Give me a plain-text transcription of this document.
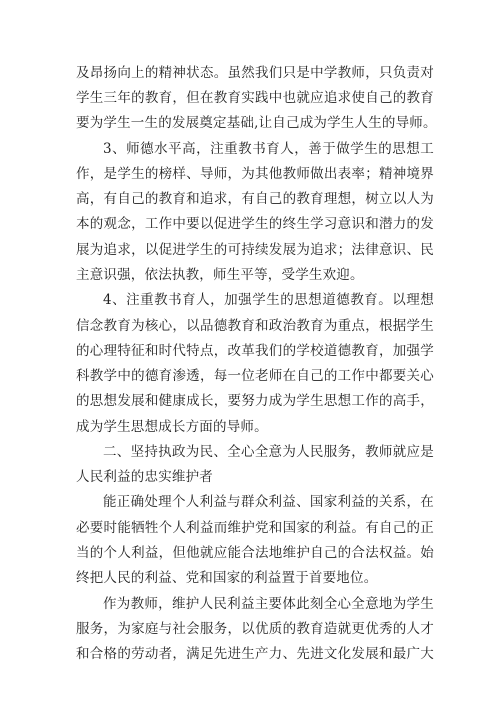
及昂扬向上的精神状态。虽然我们只是中学教师，只负责对
学生三年的教育，但在教育实践中也就应追求使自己的教育
要为学生一生的发展奠定基础,让自己成为学生人生的导师。
3、师德水平高，注重教书育人，善于做学生的思想工
作，是学生的榜样、导师，为其他教师做出表率；精神境界
高，有自己的教育和追求，有自己的教育理想，树立以人为
本的观念，工作中要以促进学生的终生学习意识和潜力的发
展为追求，以促进学生的可持续发展为追求；法律意识、民
主意识强，依法执教，师生平等，受学生欢迎。
4、注重教书育人，加强学生的思想道德教育。以理想
信念教育为核心，以品德教育和政治教育为重点，根据学生
的心理特征和时代特点，改革我们的学校道德教育，加强学
科教学中的德育渗透，每一位老师在自己的工作中都要关心
的思想发展和健康成长，要努力成为学生思想工作的高手，
成为学生思想成长方面的导师。
二、坚持执政为民、全心全意为人民服务，教师就应是
人民利益的忠实维护者
能正确处理个人利益与群众利益、国家利益的关系，在
必要时能牺牲个人利益而维护党和国家的利益。有自己的正
当的个人利益，但他就应能合法地维护自己的合法权益。始
终把人民的利益、党和国家的利益置于首要地位。
作为教师，维护人民利益主要体此刻全心全意地为学生
服务，为家庭与社会服务，以优质的教育造就更优秀的人才
和合格的劳动者，满足先进生产力、先进文化发展和最广大
